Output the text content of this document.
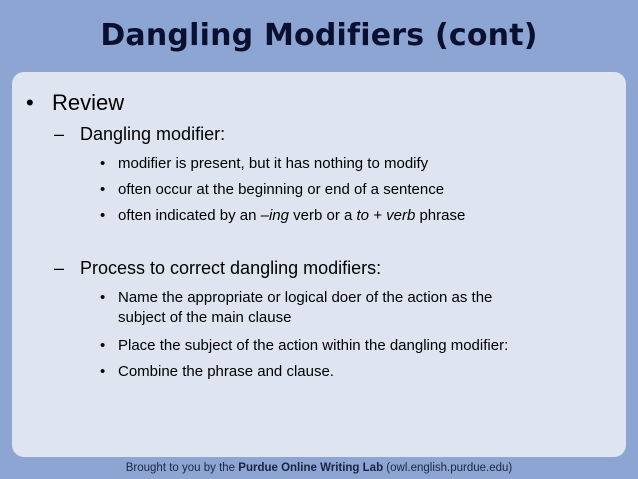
Dangling Modifiers (cont)
• Review
– Dangling modifier:
• modifier is present, but it has nothing to modify
• often occur at the beginning or end of a sentence
• often indicated by an –ing verb or a to + verb phrase
– Process to correct dangling modifiers:
• Name the appropriate or logical doer of the action as the
subject of the main clause
• Place the subject of the action within the dangling modifier:
• Combine the phrase and clause.
Brought to you by the Purdue Online Writing Lab (owl.english.purdue.edu)
